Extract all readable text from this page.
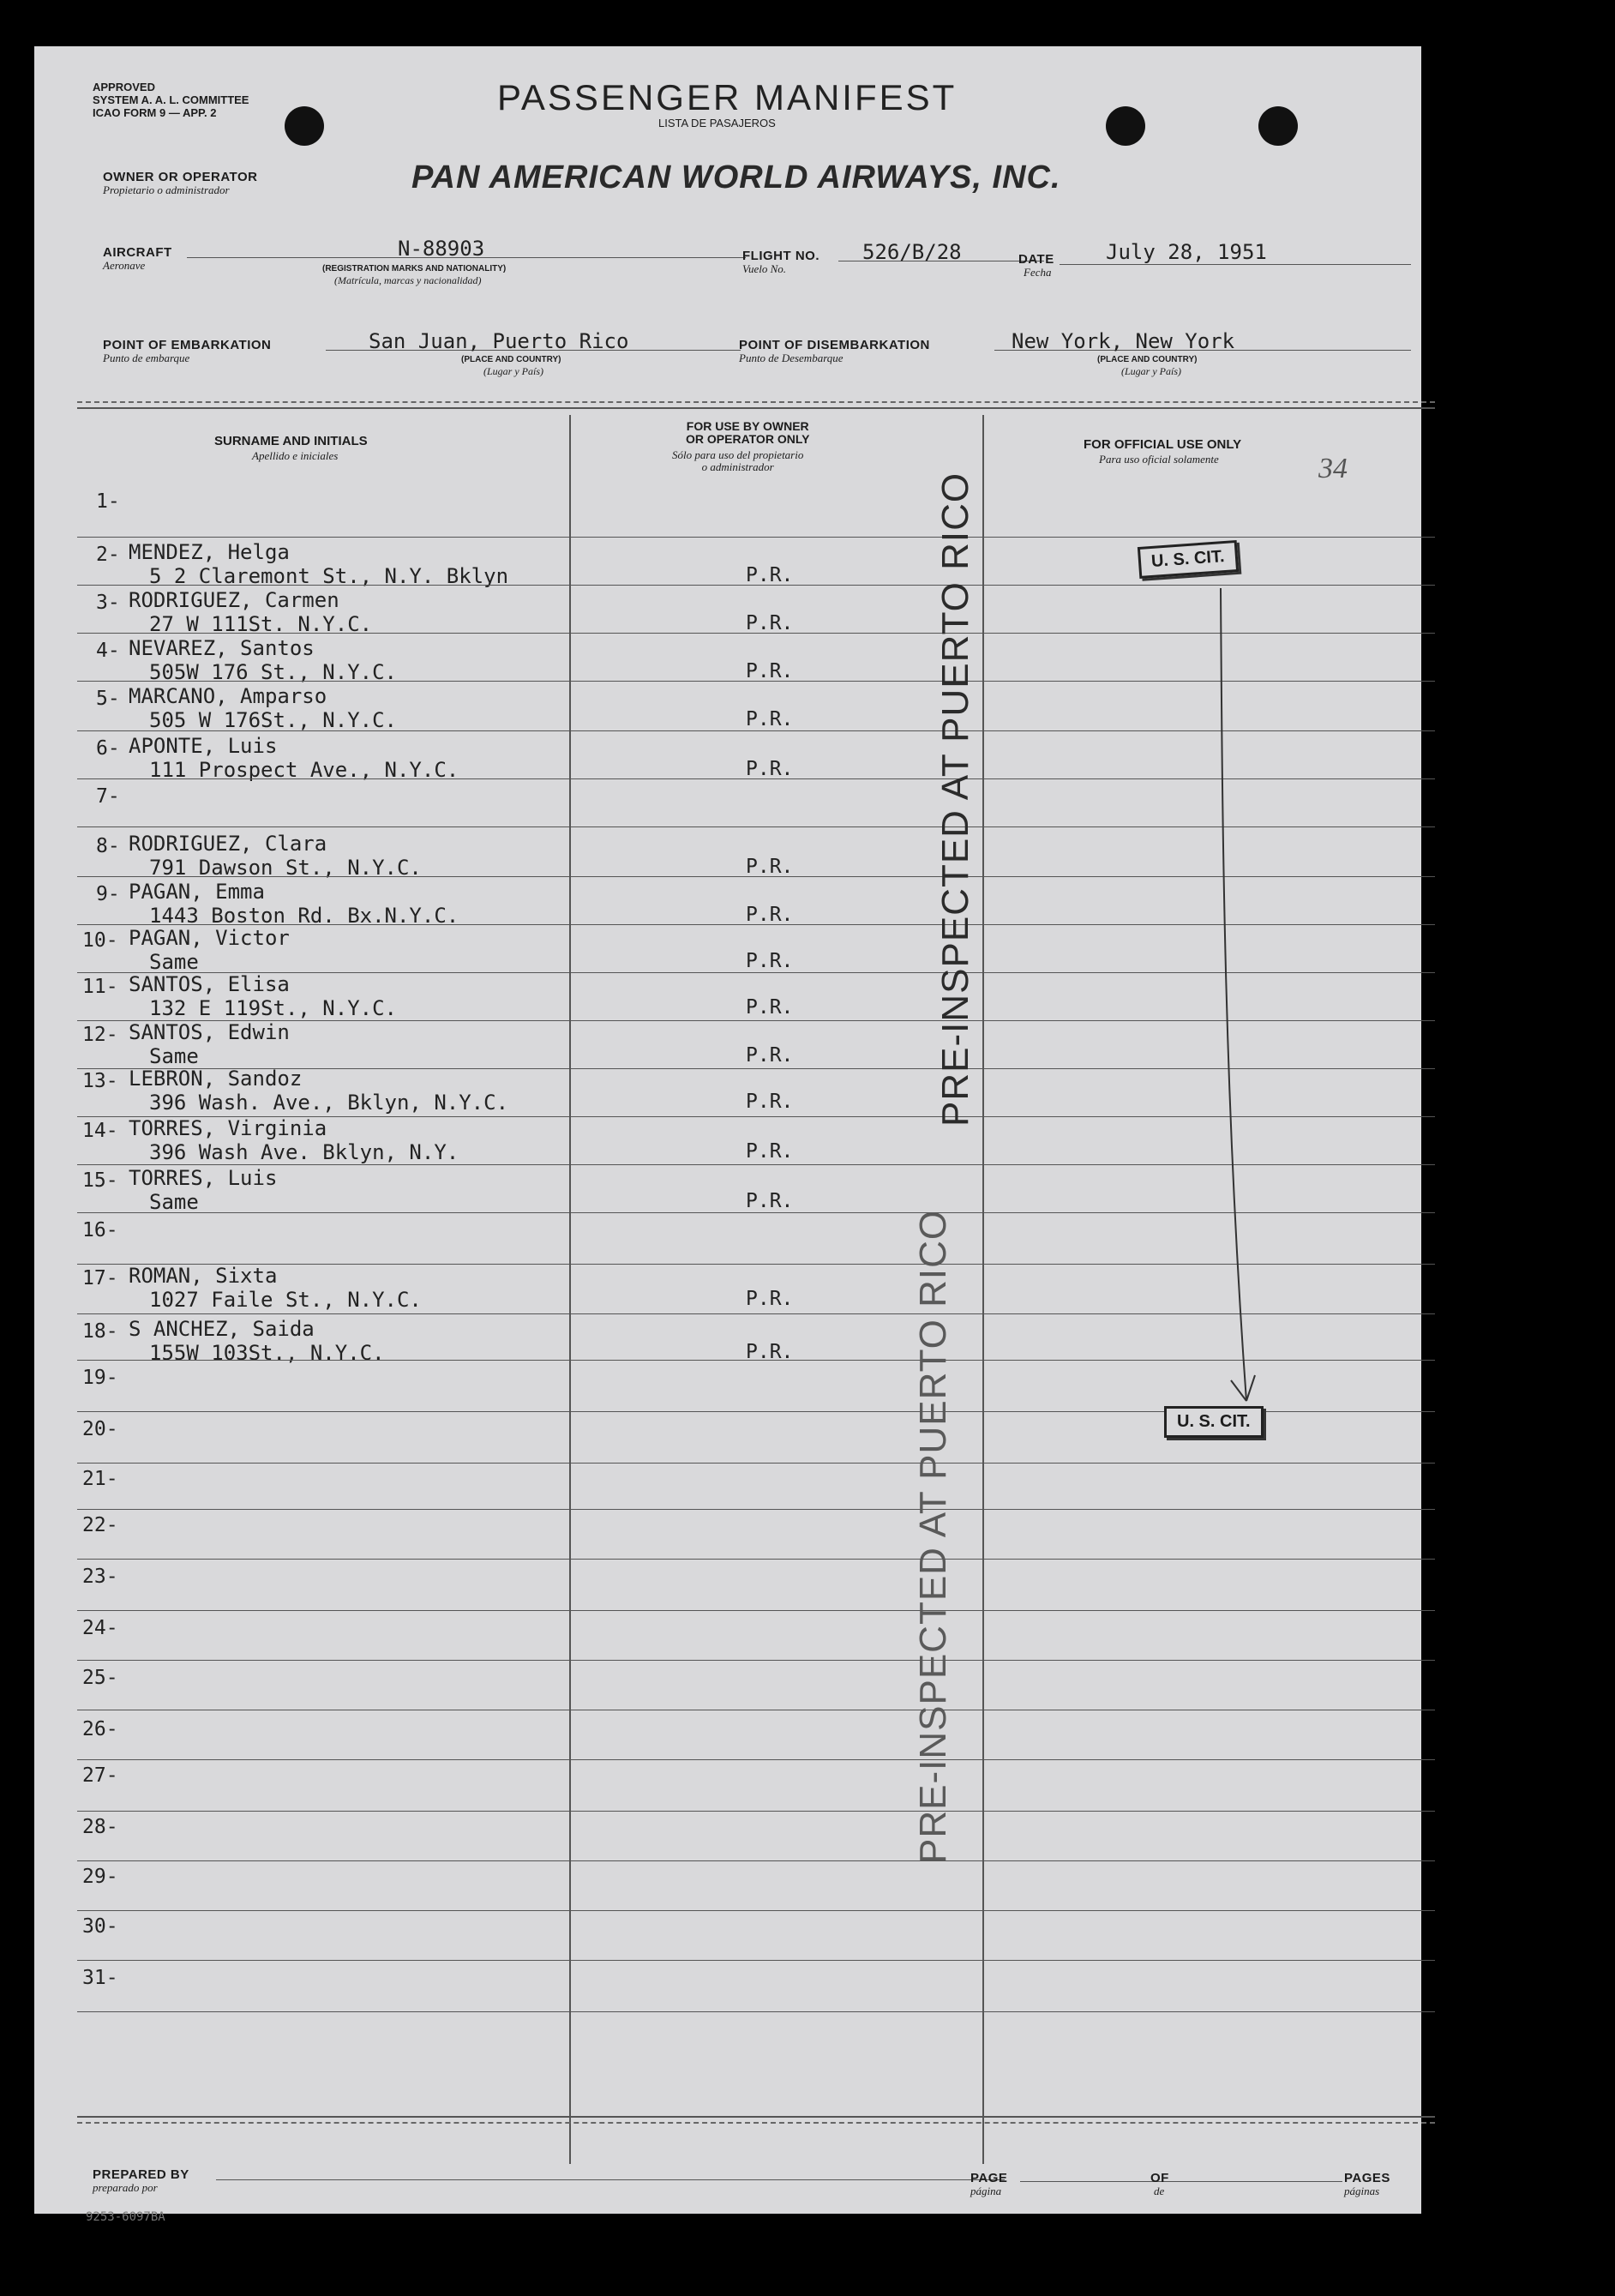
APPROVED
SYSTEM A. A. L. COMMITTEE
ICAO FORM 9 — APP. 2	PASSENGER MANIFEST
LISTA DE PASAJEROS
OWNER OR OPERATOR
Propietario o administrador	PAN AMERICAN WORLD AIRWAYS, INC.
AIRCRAFT
Aeronave
N-88903
(REGISTRATION MARKS AND NATIONALITY)
(Matrícula, marcas y nacionalidad)
FLIGHT NO.
Vuelo No.
526/B/28	DATE
Fecha
July 28, 1951
POINT OF EMBARKATION
Punto de embarque
San Juan, Puerto Rico
(PLACE AND COUNTRY)
(Lugar y País)
POINT OF DISEMBARKATION
Punto de Desembarque
New York, New York
(PLACE AND COUNTRY)
(Lugar y País)
SURNAME AND INITIALS
Apellido e iniciales
FOR USE BY OWNER
OR OPERATOR ONLY
Sólo para uso del propietario
o administrador
FOR OFFICIAL USE ONLY
Para uso oficial solamente	34
1-
2- MENDEZ, Helga
5 2 Claremont St., N.Y. Bklyn	P.R.
3- RODRIGUEZ, Carmen
27 W 111St. N.Y.C.	P.R.
4- NEVAREZ, Santos
505W 176 St., N.Y.C.	P.R.
5- MARCANO, Amparso
505 W 176St., N.Y.C.	P.R.
6- APONTE, Luis
111 Prospect Ave., N.Y.C.	P.R.
7-
8- RODRIGUEZ, Clara
791 Dawson St., N.Y.C.	P.R.
9- PAGAN, Emma
1443 Boston Rd. Bx.N.Y.C.	P.R.
10- PAGAN, Victor
Same	P.R.
11- SANTOS, Elisa
132 E 119St., N.Y.C.	P.R.
12- SANTOS, Edwin
Same	P.R.
13- LEBRON, Sandoz
396 Wash. Ave., Bklyn, N.Y.C.	P.R.
14- TORRES, Virginia
396 Wash Ave. Bklyn, N.Y.	P.R.
15- TORRES, Luis
Same	P.R.
16-
17- ROMAN, Sixta
1027 Faile St., N.Y.C.	P.R.
18- S ANCHEZ, Saida
155W 103St., N.Y.C.	P.R.
19-
20-
21-
22-
23-
24-
25-
26-
27-
28-
29-
30-
31-
PRE-INSPECTED AT PUERTO RICO
PRE-INSPECTED AT PUERTO RICO
U. S. CIT.
U. S. CIT.
PREPARED BY
preparado por
PAGE
página
OF
de
PAGES
páginas
9253-6097BA
